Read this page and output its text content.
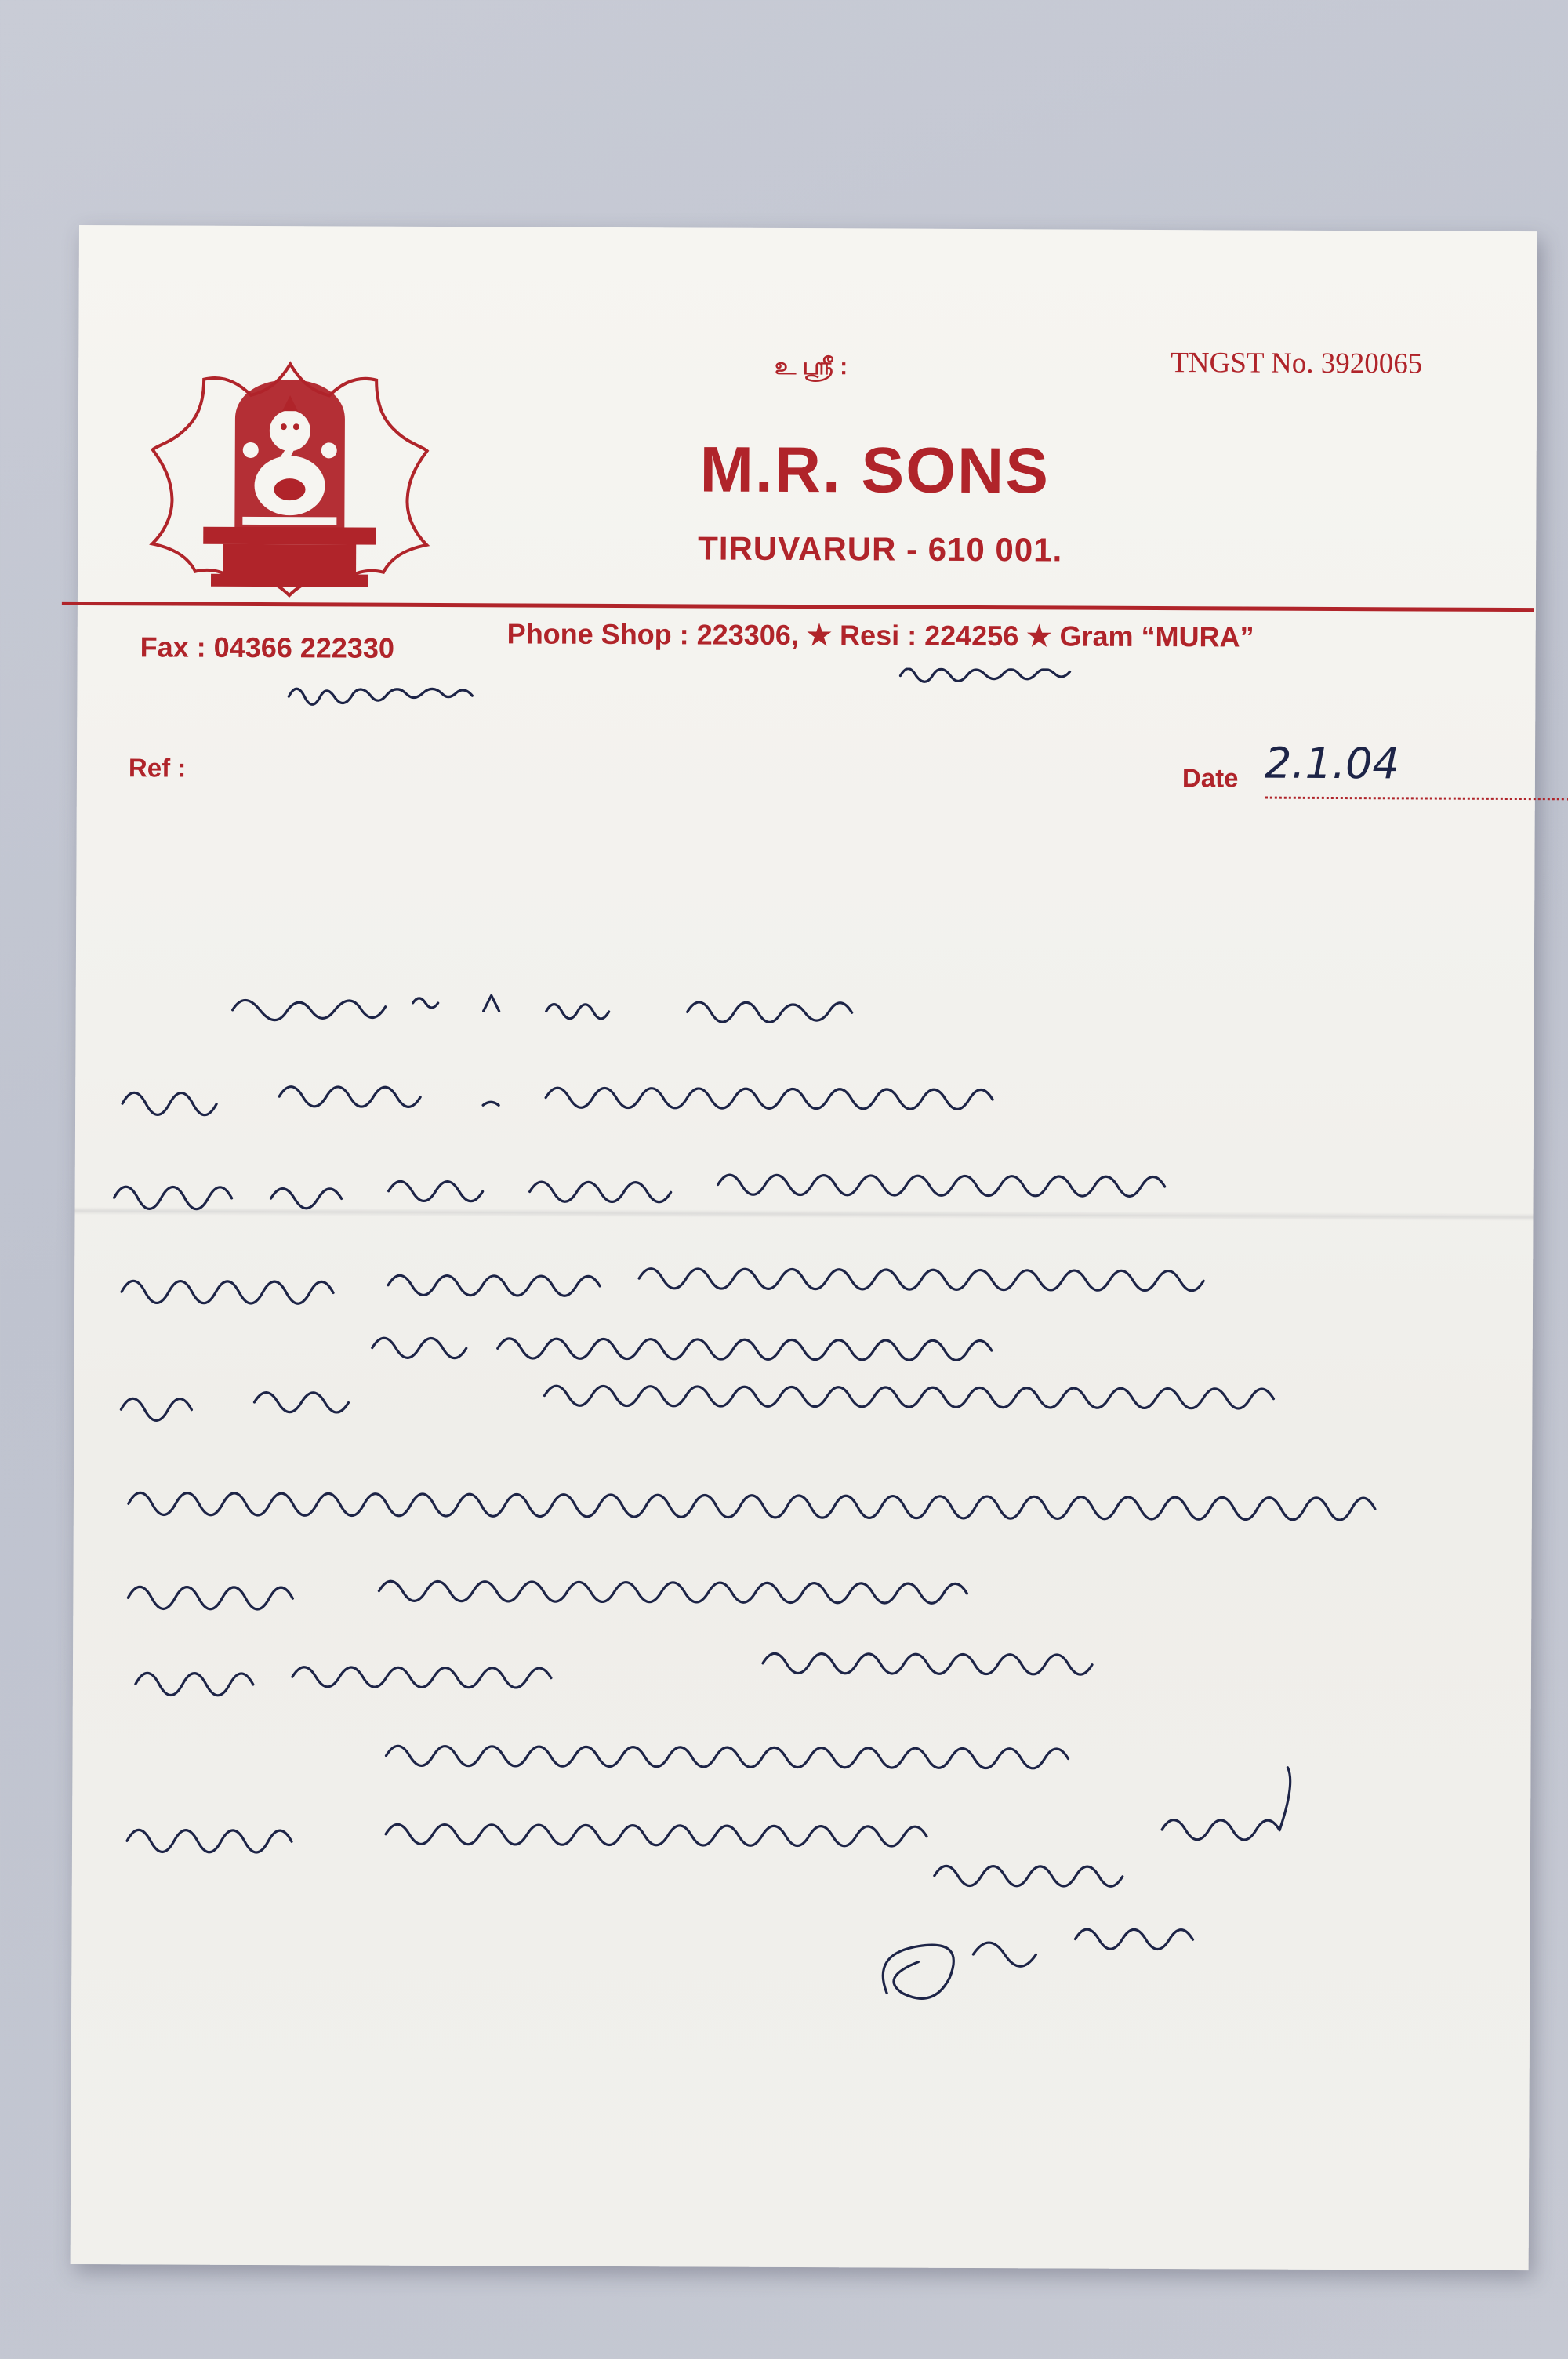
உ ஸ்ரீ :	TNGST No. 3920065
M.R. SONS
TIRUVARUR - 610 001.
Fax : 04366 222330	Phone Shop : 223306, ★ Resi : 224256 ★ Gram “MURA”
Ref :	Date 2.1.04
